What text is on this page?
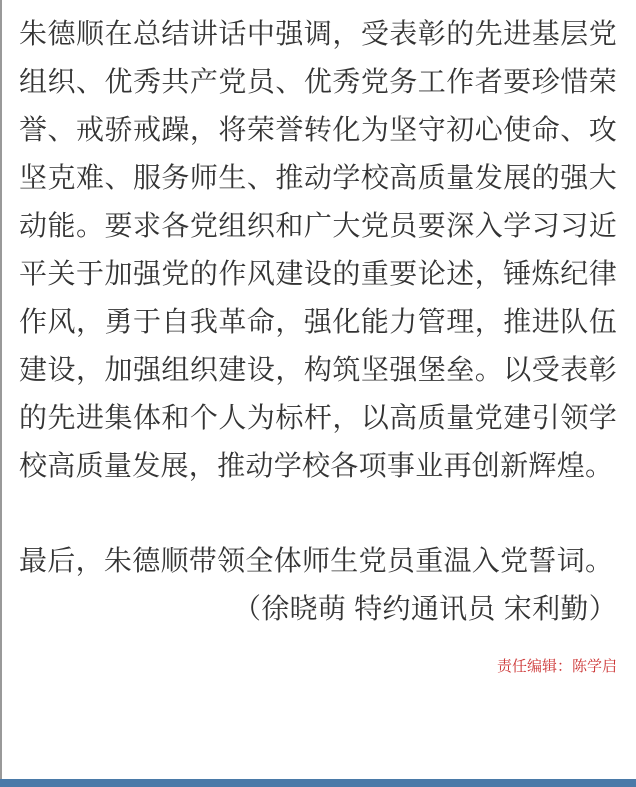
朱德顺在总结讲话中强调，受表彰的先进基层党组织、优秀共产党员、优秀党务工作者要珍惜荣誉、戒骄戒躁，将荣誉转化为坚守初心使命、攻坚克难、服务师生、推动学校高质量发展的强大动能。要求各党组织和广大党员要深入学习习近平关于加强党的作风建设的重要论述，锤炼纪律作风，勇于自我革命，强化能力管理，推进队伍建设，加强组织建设，构筑坚强堡垒。以受表彰的先进集体和个人为标杆，以高质量党建引领学校高质量发展，推动学校各项事业再创新辉煌。

最后，朱德顺带领全体师生党员重温入党誓词。

（徐晓萌 特约通讯员 宋利勤）

责任编辑：陈学启
